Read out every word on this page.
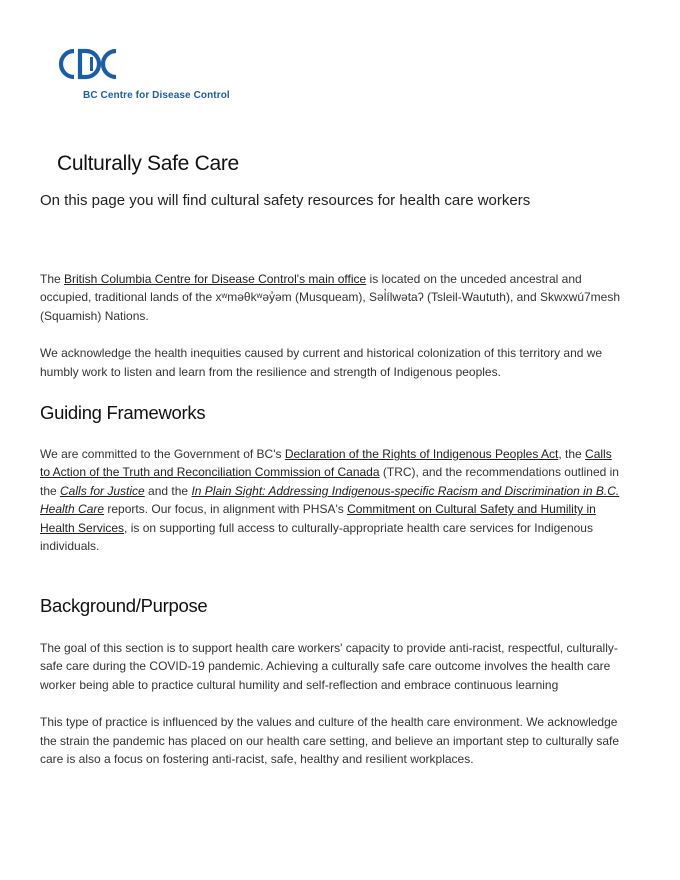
BC Centre for Disease Control
Culturally Safe Care

On this page you will find cultural safety resources for health care workers

The British Columbia Centre for Disease Control's main office is located on the unceded ancestral and occupied, traditional lands of the xʷməθkʷəy̓əm (Musqueam), Səl̓ílwətaʔ (Tsleil-Waututh), and Skwxwú7mesh (Squamish) Nations.

We acknowledge the health inequities caused by current and historical colonization of this territory and we humbly work to listen and learn from the resilience and strength of Indigenous peoples.

Guiding Frameworks

We are committed to the Government of BC's Declaration of the Rights of Indigenous Peoples Act, the Calls to Action of the Truth and Reconciliation Commission of Canada (TRC), and the recommendations outlined in the Calls for Justice and the In Plain Sight: Addressing Indigenous-specific Racism and Discrimination in B.C. Health Care reports. Our focus, in alignment with PHSA's Commitment on Cultural Safety and Humility in Health Services, is on supporting full access to culturally-appropriate health care services for Indigenous individuals.

Background/Purpose

The goal of this section is to support health care workers' capacity to provide anti-racist, respectful, culturally-safe care during the COVID-19 pandemic. Achieving a culturally safe care outcome involves the health care worker being able to practice cultural humility and self-reflection and embrace continuous learning

This type of practice is influenced by the values and culture of the health care environment. We acknowledge the strain the pandemic has placed on our health care setting, and believe an important step to culturally safe care is also a focus on fostering anti-racist, safe, healthy and resilient workplaces.
